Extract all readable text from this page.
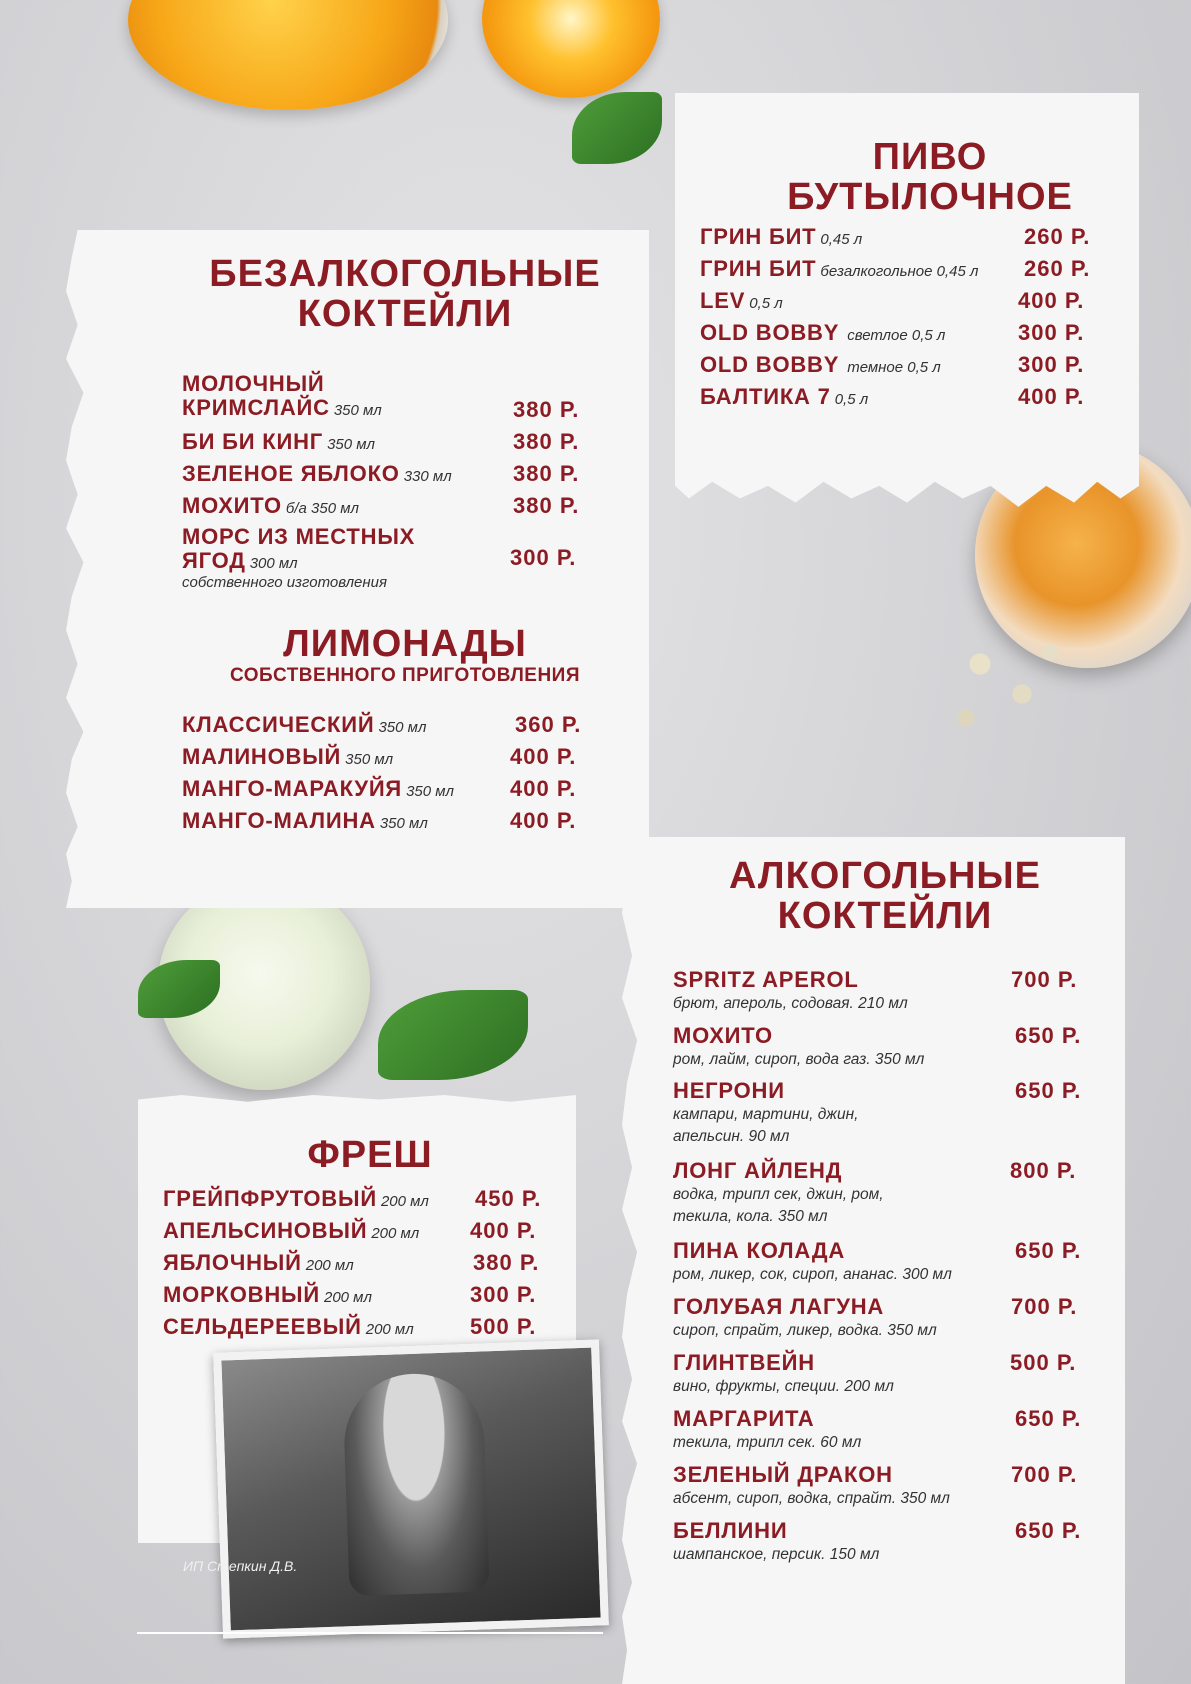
БЕЗАЛКОГОЛЬНЫЕ
КОКТЕЙЛИ
МОЛОЧНЫЙ
КРИМСЛАЙС 350 мл	380 Р.
БИ БИ КИНГ 350 мл	380 Р.
ЗЕЛЕНОЕ ЯБЛОКО 330 мл	380 Р.
МОХИТО б/а 350 мл	380 Р.
МОРС ИЗ МЕСТНЫХ
ЯГОД 300 мл
собственного изготовления
300 Р.
ЛИМОНАДЫ
СОБСТВЕННОГО ПРИГОТОВЛЕНИЯ
КЛАССИЧЕСКИЙ 350 мл	360 Р.
МАЛИНОВЫЙ 350 мл	400 Р.
МАНГО-МАРАКУЙЯ 350 мл	400 Р.
МАНГО-МАЛИНА 350 мл	400 Р.
ПИВО
БУТЫЛОЧНОЕ
ГРИН БИТ 0,45 л	260 Р.
ГРИН БИТ безалкогольное 0,45 л 260 Р.
LEV 0,5 л	400 Р.
OLD BOBBY светлое 0,5 л	300 Р.
OLD BOBBY темное 0,5 л	300 Р.
БАЛТИКА 7 0,5 л	400 Р.
АЛКОГОЛЬНЫЕ
КОКТЕЙЛИ
SPRITZ APEROL
брют, апероль, содовая. 210 мл
700 Р.
МОХИТО
ром, лайм, сироп, вода газ. 350 мл
650 Р.
НЕГРОНИ
кампари, мартини, джин,
апельсин. 90 мл
650 Р.
ЛОНГ АЙЛЕНД
водка, трипл сек, джин, ром,
текила, кола. 350 мл
800 Р.
ПИНА КОЛАДА
ром, ликер, сок, сироп, ананас. 300 мл
650 Р.
ГОЛУБАЯ ЛАГУНА
сироп, спрайт, ликер, водка. 350 мл
700 Р.
ГЛИНТВЕЙН
вино, фрукты, специи. 200 мл
500 Р.
МАРГАРИТА
текила, трипл сек. 60 мл
650 Р.
ЗЕЛЕНЫЙ ДРАКОН
абсент, сироп, водка, спрайт. 350 мл
700 Р.
БЕЛЛИНИ
шампанское, персик. 150 мл
650 Р.
ФРЕШ
ГРЕЙПФРУТОВЫЙ 200 мл 450 Р.
АПЕЛЬСИНОВЫЙ 200 мл 400 Р.
ЯБЛОЧНЫЙ 200 мл	380 Р.
МОРКОВНЫЙ 200 мл	300 Р.
СЕЛЬДЕРЕЕВЫЙ 200 мл	500 Р.
ИП Степкин Д.В.
